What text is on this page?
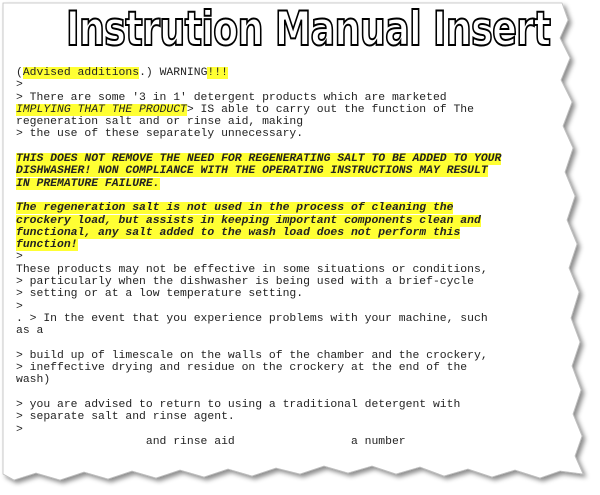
Instrution Manual Insert
(Advised additions.) WARNING!!!
>
> There are some '3 in 1' detergent products which are marketed
IMPLYING THAT THE PRODUCT> IS able to carry out the function of The
regeneration salt and or rinse aid, making
> the use of these separately unnecessary.
THIS DOES NOT REMOVE THE NEED FOR REGENERATING SALT TO BE ADDED TO YOUR
DISHWASHER! NON COMPLIANCE WITH THE OPERATING INSTRUCTIONS MAY RESULT
IN PREMATURE FAILURE.
The regeneration salt is not used in the process of cleaning the
crockery load, but assists in keeping important components clean and
functional, any salt added to the wash load does not perform this
function!
>
These products may not be effective in some situations or conditions,
> particularly when the dishwasher is being used with a brief-cycle
> setting or at a low temperature setting.
>
. > In the event that you experience problems with your machine, such
as a
> build up of limescale on the walls of the chamber and the crockery,
> ineffective drying and residue on the crockery at the end of the
wash)
> you are advised to return to using a traditional detergent with
> separate salt and rinse agent.
>
and rinse aid                 a number
